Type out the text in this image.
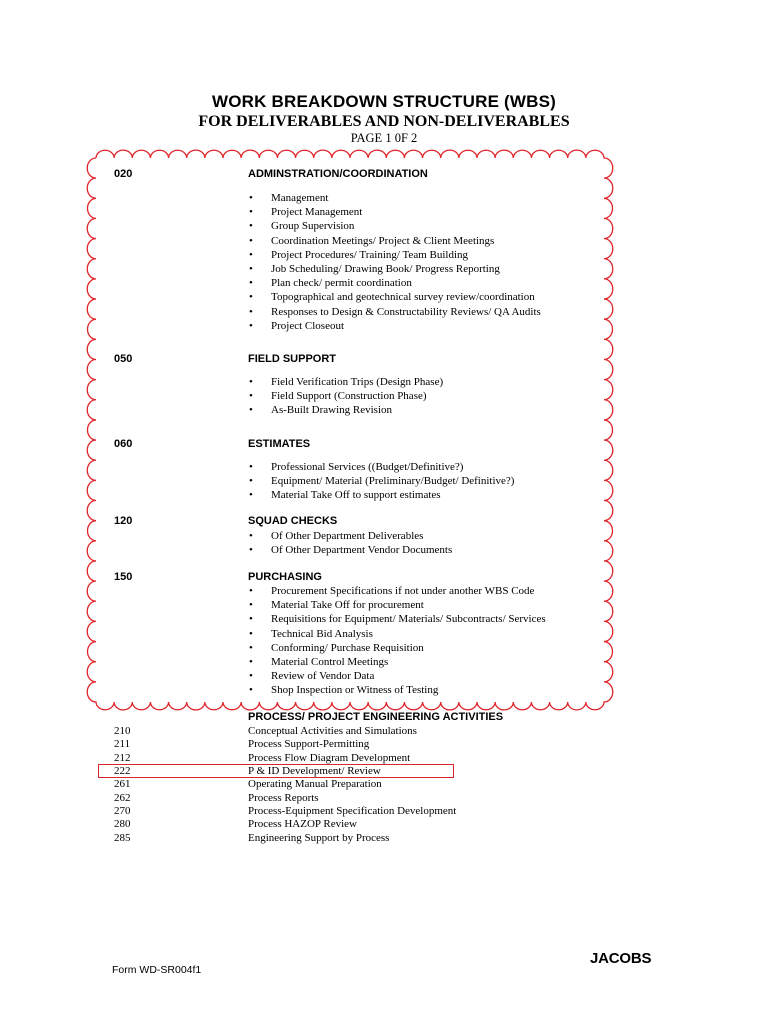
WORK BREAKDOWN STRUCTURE (WBS)
FOR DELIVERABLES AND NON-DELIVERABLES
PAGE 1 0F 2
020	ADMINSTRATION/COORDINATION
• Management
• Project Management
• Group Supervision
• Coordination Meetings/ Project & Client Meetings
• Project Procedures/ Training/ Team Building
• Job Scheduling/ Drawing Book/ Progress Reporting
• Plan check/ permit coordination
• Topographical and geotechnical survey review/coordination
• Responses to Design & Constructability Reviews/ QA Audits
• Project Closeout
050	FIELD SUPPORT
• Field Verification Trips (Design Phase)
• Field Support (Construction Phase)
• As-Built Drawing Revision
060	ESTIMATES
• Professional Services ((Budget/Definitive?)
• Equipment/ Material (Preliminary/Budget/ Definitive?)
• Material Take Off to support estimates
120	SQUAD CHECKS
• Of Other Department Deliverables
• Of Other Department Vendor Documents
150	PURCHASING
• Procurement Specifications if not under another WBS Code
• Material Take Off for procurement
• Requisitions for Equipment/ Materials/ Subcontracts/ Services
• Technical Bid Analysis
• Conforming/ Purchase Requisition
• Material Control Meetings
• Review of Vendor Data
• Shop Inspection or Witness of Testing
PROCESS/ PROJECT ENGINEERING ACTIVITIES
210	Conceptual Activities and Simulations
211	Process Support-Permitting
212	Process Flow Diagram Development
222	P & ID Development/ Review
261	Operating Manual Preparation
262	Process Reports
270	Process-Equipment Specification Development
280	Process HAZOP Review
285	Engineering Support by Process
Form WD-SR004f1
JACOBS
